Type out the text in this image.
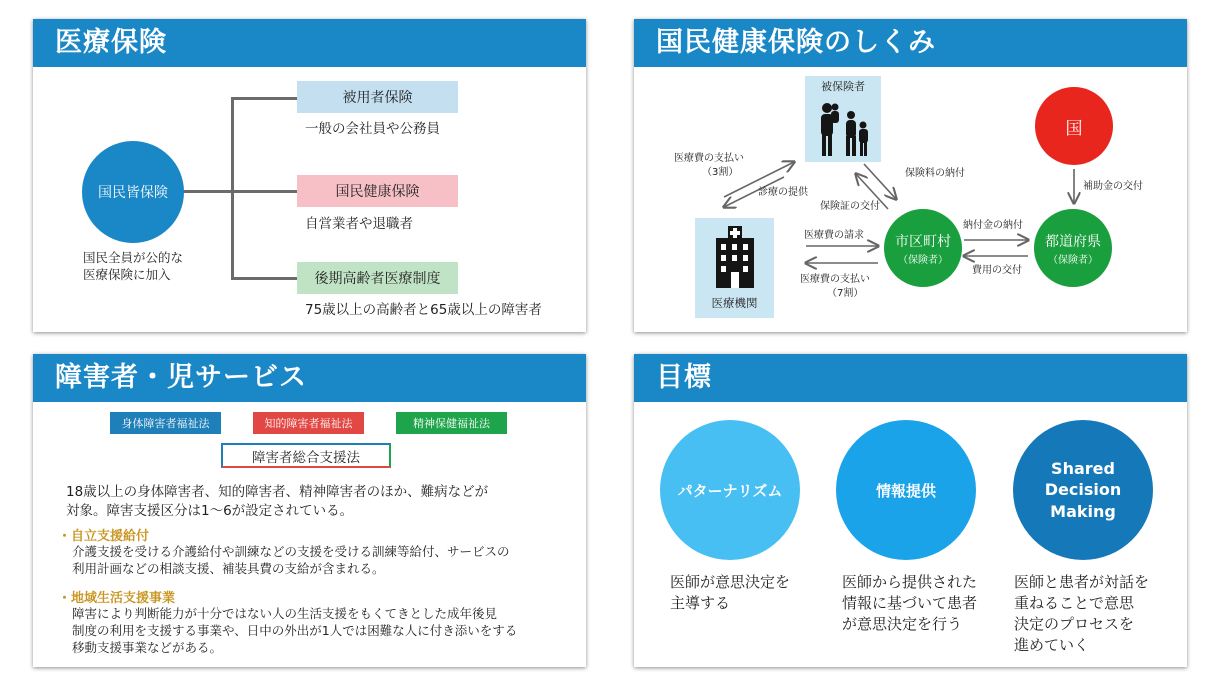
医療保険
国民皆保険
国民全員が公的な
医療保険に加入
被用者保険
一般の会社員や公務員
国民健康保険
自営業者や退職者
後期高齢者医療制度
75歳以上の高齢者と65歳以上の障害者
国民健康保険のしくみ
被保険者
国
医療機関
市区町村
（保険者）
都道府県
（保険者）
医療費の支払い
（3割）
診療の提供
保険料の納付
保険証の交付
補助金の交付
納付金の納付
費用の交付
医療費の請求
医療費の支払い
（7割）
障害者・児サービス
身体障害者福祉法	知的障害者福祉法	精神保健福祉法
障害者総合支援法
18歳以上の身体障害者、知的障害者、精神障害者のほか、難病などが
対象。障害支援区分は1～6が設定されている。
・自立支援給付
介護支援を受ける介護給付や訓練などの支援を受ける訓練等給付、サービスの
利用計画などの相談支援、補装具費の支給が含まれる。
・地域生活支援事業
障害により判断能力が十分ではない人の生活支援をもくてきとした成年後見
制度の利用を支援する事業や、日中の外出が1人では困難な人に付き添いをする
移動支援事業などがある。
目標
パターナリズム	情報提供
Shared
Decision
Making
医師が意思決定を
主導する
医師から提供された
情報に基づいて患者
が意思決定を行う
医師と患者が対話を
重ねることで意思
決定のプロセスを
進めていく
